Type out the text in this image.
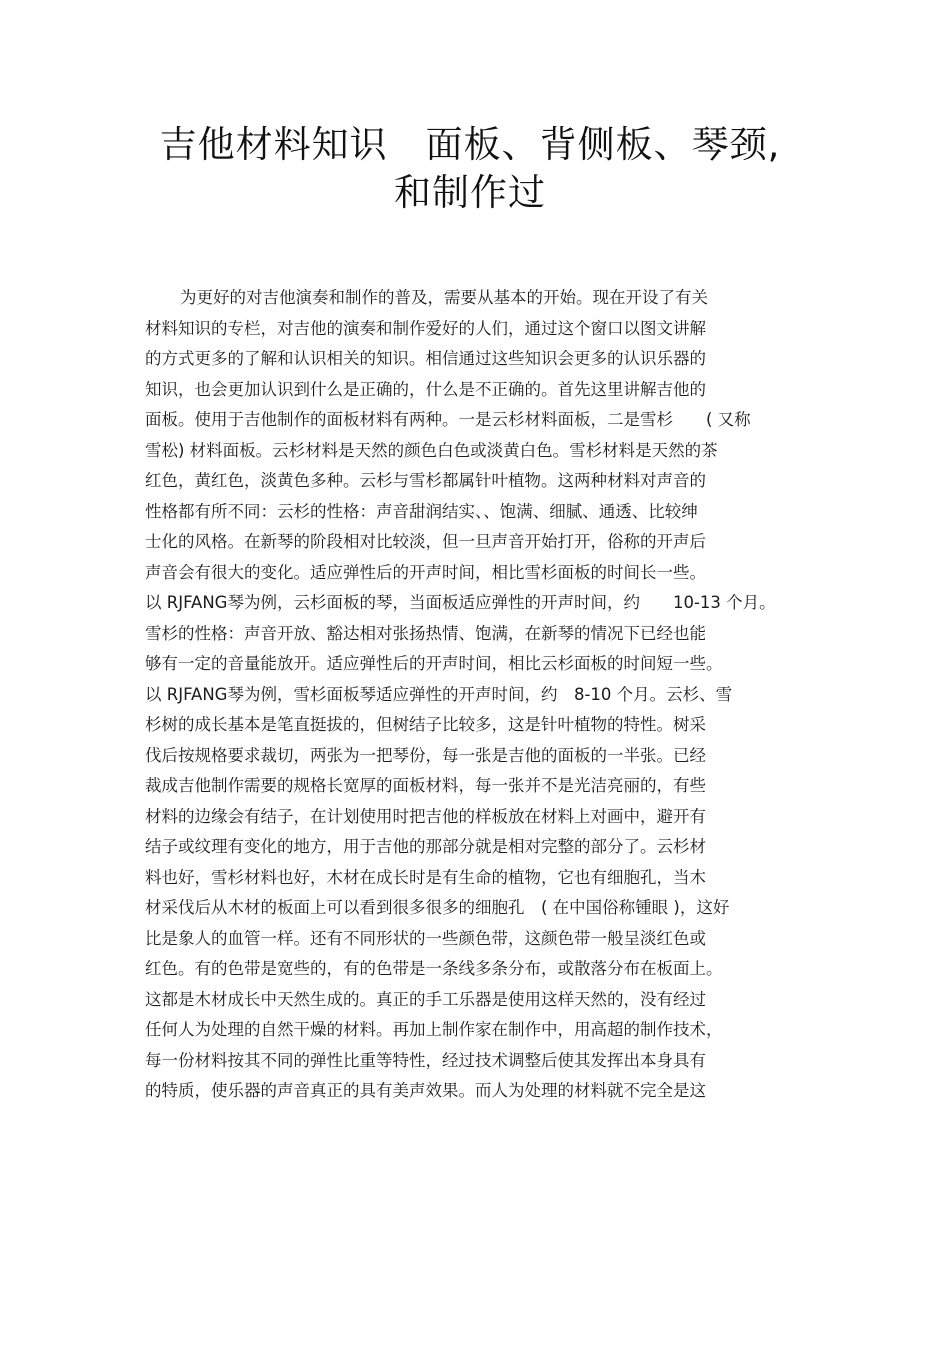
吉他材料知识　面板、背侧板、琴颈,
和制作过
为更好的对吉他演奏和制作的普及，需要从基本的开始。现在开设了有关
材料知识的专栏，对吉他的演奏和制作爱好的人们，通过这个窗口以图文讲解
的方式更多的了解和认识相关的知识。相信通过这些知识会更多的认识乐器的
知识，也会更加认识到什么是正确的，什么是不正确的。首先这里讲解吉他的
面板。使用于吉他制作的面板材料有两种。一是云杉材料面板，二是雪杉　　( 又称
雪松) 材料面板。云杉材料是天然的颜色白色或淡黄白色。雪杉材料是天然的茶
红色，黄红色，淡黄色多种。云杉与雪杉都属针叶植物。这两种材料对声音的
性格都有所不同：云杉的性格：声音甜润结实、、饱满、细腻、通透、比较绅
士化的风格。在新琴的阶段相对比较淡，但一旦声音开始打开，俗称的开声后
声音会有很大的变化。适应弹性后的开声时间，相比雪杉面板的时间长一些。
以 RJFANG琴为例，云杉面板的琴，当面板适应弹性的开声时间，约　　10-13 个月。
雪杉的性格：声音开放、豁达相对张扬热情、饱满，在新琴的情况下已经也能
够有一定的音量能放开。适应弹性后的开声时间，相比云杉面板的时间短一些。
以 RJFANG琴为例，雪杉面板琴适应弹性的开声时间，约　8-10 个月。云杉、雪
杉树的成长基本是笔直挺拔的，但树结子比较多，这是针叶植物的特性。树采
伐后按规格要求裁切，两张为一把琴份，每一张是吉他的面板的一半张。已经
裁成吉他制作需要的规格长宽厚的面板材料，每一张并不是光洁亮丽的，有些
材料的边缘会有结子，在计划使用时把吉他的样板放在材料上对画中，避开有
结子或纹理有变化的地方，用于吉他的那部分就是相对完整的部分了。云杉材
料也好，雪杉材料也好，木材在成长时是有生命的植物，它也有细胞孔，当木
材采伐后从木材的板面上可以看到很多很多的细胞孔　( 在中国俗称锺眼 )，这好
比是象人的血管一样。还有不同形状的一些颜色带，这颜色带一般呈淡红色或
红色。有的色带是宽些的，有的色带是一条线多条分布，或散落分布在板面上。
这都是木材成长中天然生成的。真正的手工乐器是使用这样天然的，没有经过
任何人为处理的自然干燥的材料。再加上制作家在制作中，用高超的制作技术，
每一份材料按其不同的弹性比重等特性，经过技术调整后使其发挥出本身具有
的特质，使乐器的声音真正的具有美声效果。而人为处理的材料就不完全是这
